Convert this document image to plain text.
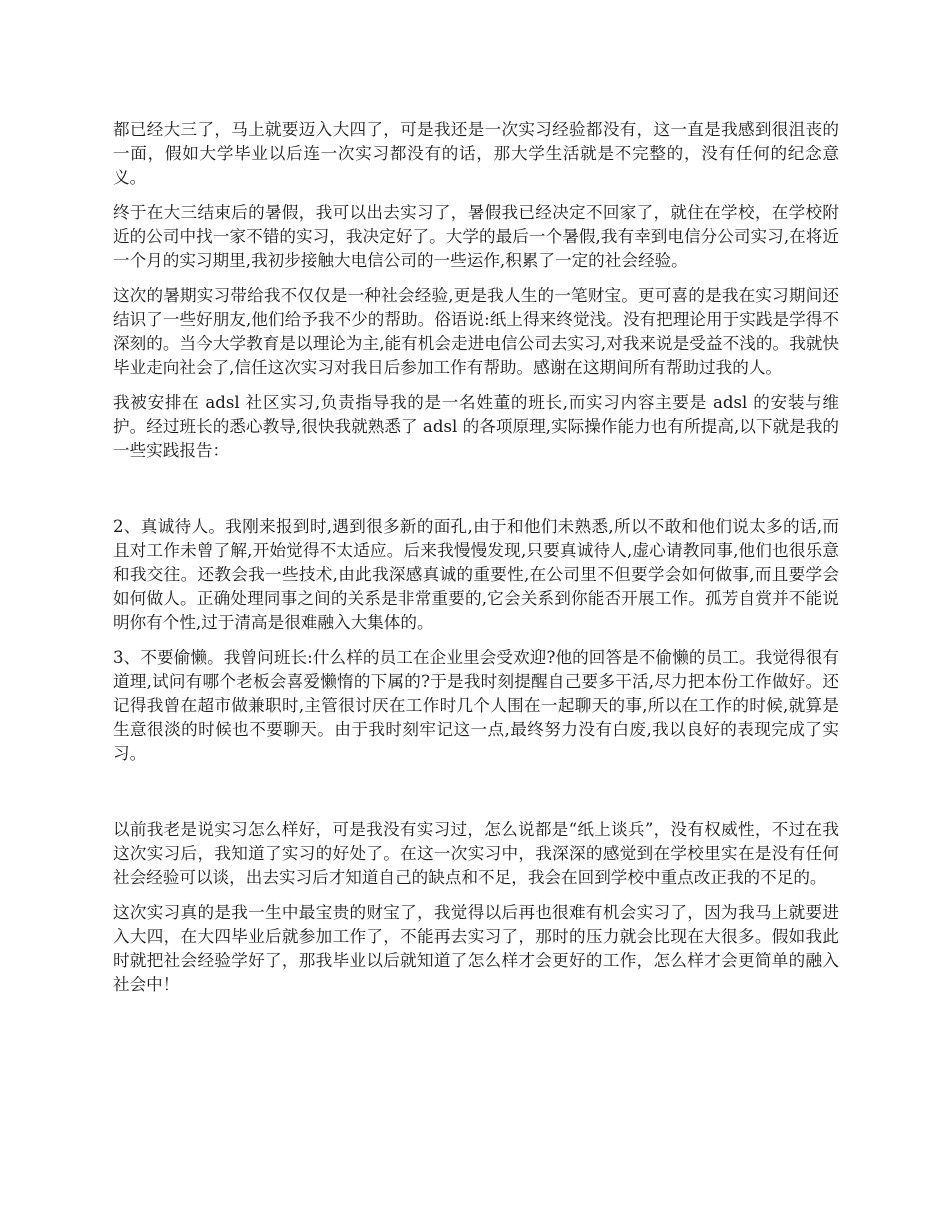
都已经大三了，马上就要迈入大四了，可是我还是一次实习经验都没有，这一直是我感到很沮丧的一面，假如大学毕业以后连一次实习都没有的话，那大学生活就是不完整的，没有任何的纪念意义。

终于在大三结束后的暑假，我可以出去实习了，暑假我已经决定不回家了，就住在学校，在学校附近的公司中找一家不错的实习，我决定好了。大学的最后一个暑假,我有幸到电信分公司实习,在将近一个月的实习期里,我初步接触大电信公司的一些运作,积累了一定的社会经验。

这次的暑期实习带给我不仅仅是一种社会经验,更是我人生的一笔财宝。更可喜的是我在实习期间还结识了一些好朋友,他们给予我不少的帮助。俗语说:纸上得来终觉浅。没有把理论用于实践是学得不深刻的。当今大学教育是以理论为主,能有机会走进电信公司去实习,对我来说是受益不浅的。我就快毕业走向社会了,信任这次实习对我日后参加工作有帮助。感谢在这期间所有帮助过我的人。

我被安排在 adsl 社区实习,负责指导我的是一名姓董的班长,而实习内容主要是 adsl 的安装与维护。经过班长的悉心教导,很快我就熟悉了 adsl 的各项原理,实际操作能力也有所提高,以下就是我的一些实践报告：

2、真诚待人。我刚来报到时,遇到很多新的面孔,由于和他们未熟悉,所以不敢和他们说太多的话,而且对工作未曾了解,开始觉得不太适应。后来我慢慢发现,只要真诚待人,虚心请教同事,他们也很乐意和我交往。还教会我一些技术,由此我深感真诚的重要性,在公司里不但要学会如何做事,而且要学会如何做人。正确处理同事之间的关系是非常重要的,它会关系到你能否开展工作。孤芳自赏并不能说明你有个性,过于清高是很难融入大集体的。

3、不要偷懒。我曾问班长:什么样的员工在企业里会受欢迎?他的回答是不偷懒的员工。我觉得很有道理,试问有哪个老板会喜爱懒惰的下属的?于是我时刻提醒自己要多干活,尽力把本份工作做好。还记得我曾在超市做兼职时,主管很讨厌在工作时几个人围在一起聊天的事,所以在工作的时候,就算是生意很淡的时候也不要聊天。由于我时刻牢记这一点,最终努力没有白废,我以良好的表现完成了实习。

以前我老是说实习怎么样好，可是我没有实习过，怎么说都是“纸上谈兵”，没有权威性，不过在我这次实习后，我知道了实习的好处了。在这一次实习中，我深深的感觉到在学校里实在是没有任何社会经验可以谈，出去实习后才知道自己的缺点和不足，我会在回到学校中重点改正我的不足的。

这次实习真的是我一生中最宝贵的财宝了，我觉得以后再也很难有机会实习了，因为我马上就要进入大四，在大四毕业后就参加工作了，不能再去实习了，那时的压力就会比现在大很多。假如我此时就把社会经验学好了，那我毕业以后就知道了怎么样才会更好的工作，怎么样才会更简单的融入社会中！
